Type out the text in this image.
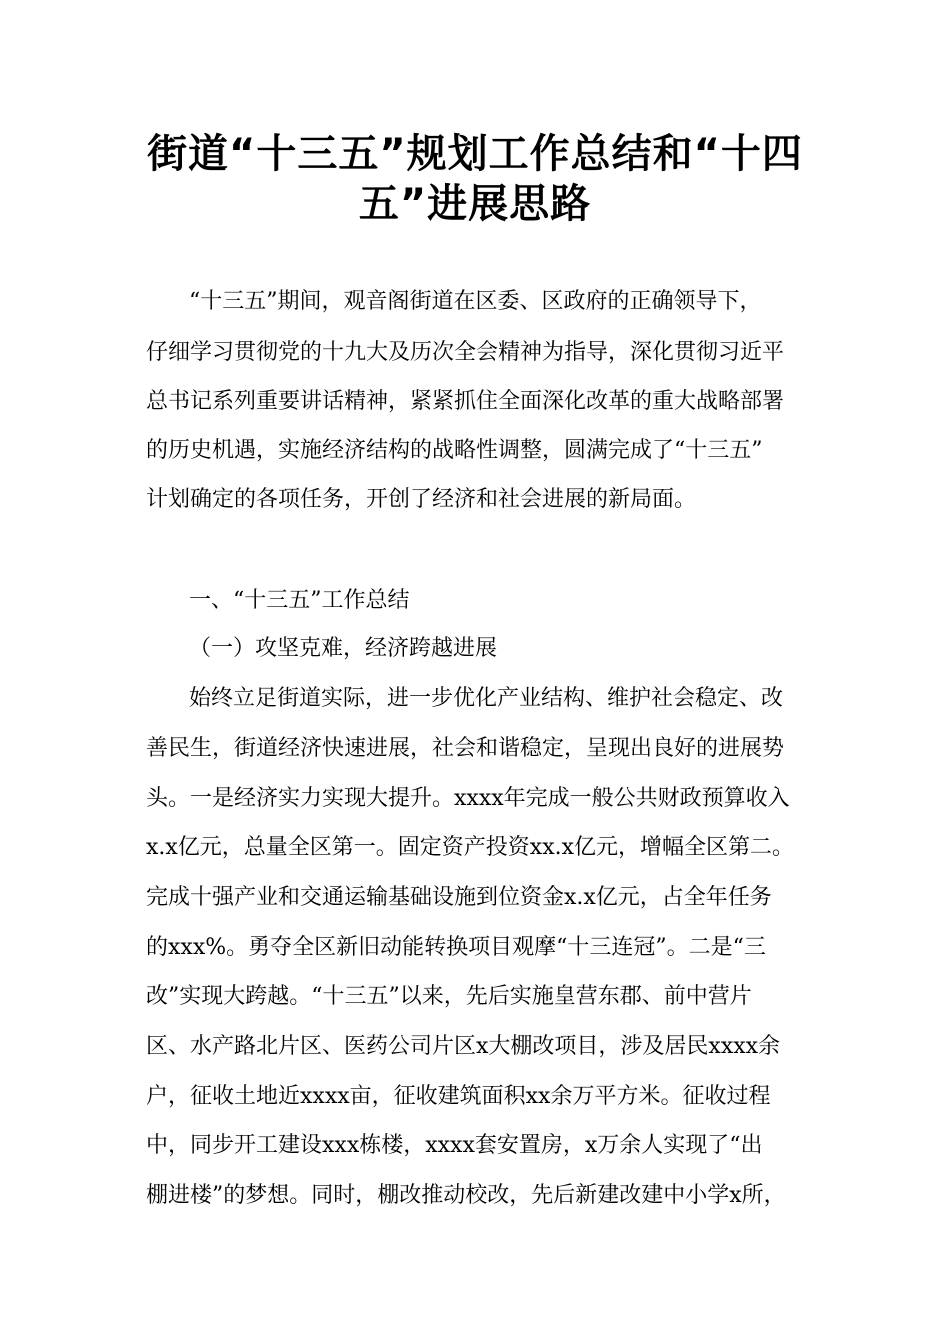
街道“十三五”规划工作总结和“十四
五”进展思路

“十三五”期间，观音阁街道在区委、区政府的正确领导下，

仔细学习贯彻党的十九大及历次全会精神为指导，深化贯彻习近平

总书记系列重要讲话精神，紧紧抓住全面深化改革的重大战略部署

的历史机遇，实施经济结构的战略性调整，圆满完成了“十三五”

计划确定的各项任务，开创了经济和社会进展的新局面。

一、“十三五”工作总结

（一）攻坚克难，经济跨越进展

始终立足街道实际，进一步优化产业结构、维护社会稳定、改

善民生，街道经济快速进展，社会和谐稳定，呈现出良好的进展势

头。一是经济实力实现大提升。xxxx年完成一般公共财政预算收入

x.x亿元，总量全区第一。固定资产投资xx.x亿元，增幅全区第二。

完成十强产业和交通运输基础设施到位资金x.x亿元，占全年任务

的xxx%。勇夺全区新旧动能转换项目观摩“十三连冠”。二是“三

改”实现大跨越。“十三五”以来，先后实施皇营东郡、前中营片

区、水产路北片区、医药公司片区x大棚改项目，涉及居民xxxx余

户，征收土地近xxxx亩，征收建筑面积xx余万平方米。征收过程

中，同步开工建设xxx栋楼，xxxx套安置房，x万余人实现了“出

棚进楼”的梦想。同时，棚改推动校改，先后新建改建中小学x所，
